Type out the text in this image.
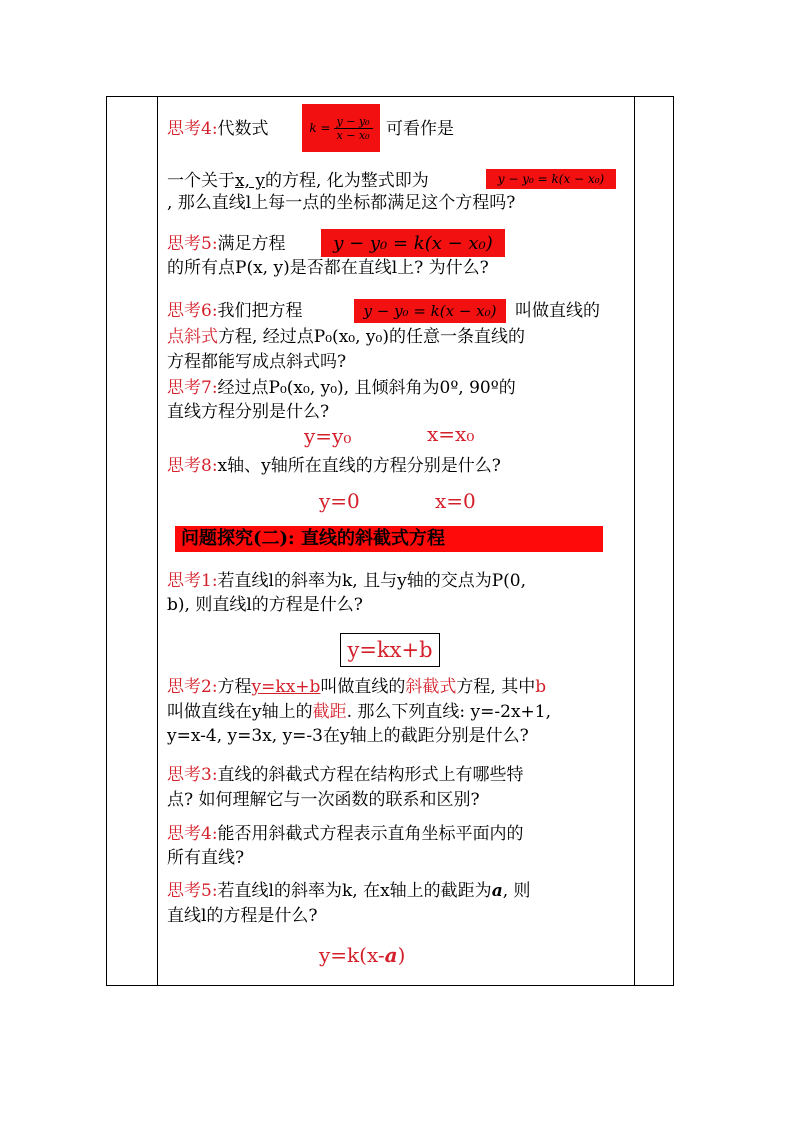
思考4:代数式	$k = \frac{\text{y − y₀}}{\text{x − x₀}}$ 可看作是
一个关于x, y的方程, 化为整式即为	y − y₀ = k(x − x₀)
, 那么直线l上每一点的坐标都满足这个方程吗?
思考5:满足方程	y − y₀ = k(x − x₀)
的所有点P(x, y)是否都在直线l上? 为什么?
思考6:我们把方程	y − y₀ = k(x − x₀)	叫做直线的
点斜式方程, 经过点P₀(x₀, y₀)的任意一条直线的
方程都能写成点斜式吗?
思考7:经过点P₀(x₀, y₀), 且倾斜角为0º, 90º的
直线方程分别是什么?
y=y₀	x=x₀
思考8:x轴、y轴所在直线的方程分别是什么?
y=0	x=0
问题探究(二): 直线的斜截式方程
思考1:若直线l的斜率为k, 且与y轴的交点为P(0,
b), 则直线l的方程是什么?
y=kx+b
思考2:方程y=kx+b叫做直线的斜截式方程, 其中b
叫做直线在y轴上的截距. 那么下列直线: y=-2x+1,
y=x-4, y=3x, y=-3在y轴上的截距分别是什么?
思考3:直线的斜截式方程在结构形式上有哪些特
点? 如何理解它与一次函数的联系和区别?
思考4:能否用斜截式方程表示直角坐标平面内的
所有直线?
思考5:若直线l的斜率为k, 在x轴上的截距为a, 则
直线l的方程是什么?
y=k(x-a)
